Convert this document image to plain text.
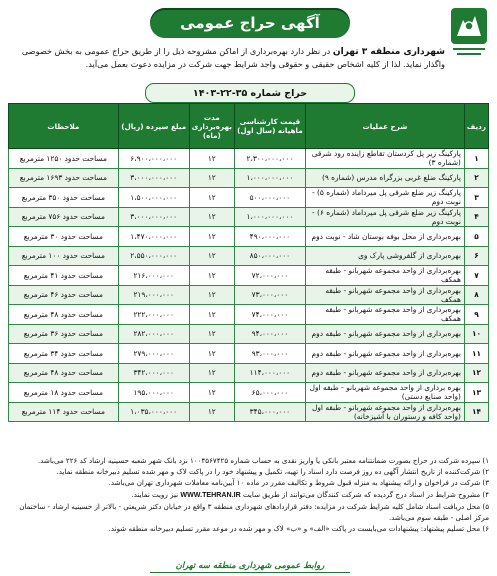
آگهی حراج عمومی
شهرداری منطقه ۳ تهران در نظر دارد بهره‌برداری از اماکن مشروحه ذیل را از طریق حراج عمومی به بخش خصوصی واگذار نماید. لذا از کلیه اشخاص حقیقی و حقوقی واجد شرایط جهت شرکت در مزایده دعوت بعمل می‌آید.
حراج شماره ۳۵-۲۲-۱۴۰۳
ردیف	شرح عملیات	قیمت کارشناسی ماهیانه (سال اول)	مدت بهره‌برداری (ماه)	مبلغ سپرده (ریال)	ملاحظات
۱	پارکینگ زیر پل کردستان تقاطع زاینده رود شرقی (شماره ۳)	۲،۳۰۰،۰۰۰،۰۰۰	۱۲	۶،۹۰۰،۰۰۰،۰۰۰	مساحت حدود ۱۲۵۰ مترمربع
۲	پارکینگ ضلع غربی بزرگراه مدرس (شماره ۹)	۱،۰۰۰،۰۰۰،۰۰۰	۱۲	۳،۰۰۰،۰۰۰،۰۰۰	مساحت حدود ۱۶۹۳ مترمربع
۳	پارکینگ زیر ضلع شرقی پل میرداماد (شماره ۵) - نوبت دوم	۵۰۰،۰۰۰،۰۰۰	۱۲	۱،۵۰۰،۰۰۰،۰۰۰	مساحت حدود ۳۵۰ مترمربع
۴	پارکینگ زیر ضلع شرقی پل میرداماد (شماره ۶) - نوبت دوم	۱،۰۰۰،۰۰۰،۰۰۰	۱۲	۳،۰۰۰،۰۰۰،۰۰۰	مساحت حدود ۷۵۶ مترمربع
۵	بهره‌برداری از محل بوفه بوستان شاد - نوبت دوم	۴۹۰،۰۰۰،۰۰۰	۱۲	۱،۴۷۰،۰۰۰،۰۰۰	مساحت حدود ۳۰ مترمربع
۶	بهره‌برداری از گلفروشی پارک وی	۸۵۰،۰۰۰،۰۰۰	۱۲	۲،۵۵۰،۰۰۰،۰۰۰	مساحت حدود ۱۰۰ مترمربع
۷	بهره‌برداری از واحد مجموعه شهربانو - طبقه همکف	۷۲،۰۰۰،۰۰۰	۱۲	۲۱۶،۰۰۰،۰۰۰	مساحت حدود ۴۱ مترمربع
۸	بهره‌برداری از واحد مجموعه شهربانو - طبقه همکف	۷۳،۰۰۰،۰۰۰	۱۲	۲۱۹،۰۰۰،۰۰۰	مساحت حدود ۴۶ مترمربع
۹	بهره‌برداری از واحد مجموعه شهربانو - طبقه همکف	۷۴،۰۰۰،۰۰۰	۱۲	۲۲۲،۰۰۰،۰۰۰	مساحت حدود ۴۸ مترمربع
۱۰	بهره‌برداری از واحد مجموعه شهربانو - طبقه دوم	۹۴،۰۰۰،۰۰۰	۱۲	۲۸۲،۰۰۰،۰۰۰	مساحت حدود ۳۶ مترمربع
۱۱	بهره‌برداری از واحد مجموعه شهربانو - طبقه دوم	۹۳،۰۰۰،۰۰۰	۱۲	۲۷۹،۰۰۰،۰۰۰	مساحت حدود ۳۴ مترمربع
۱۲	بهره‌برداری از واحد مجموعه شهربانو - طبقه دوم	۱۱۴،۰۰۰،۰۰۰	۱۲	۳۴۲،۰۰۰،۰۰۰	مساحت حدود ۴۸ مترمربع
۱۳	بهره برداری از واحد مجموعه شهربانو - طبقه اول (واحد صنایع دستی)	۶۵،۰۰۰،۰۰۰	۱۲	۱۹۵،۰۰۰،۰۰۰	مساحت حدود ۱۸ مترمربع
۱۴	بهره‌برداری از واحد مجموعه شهربانو - طبقه اول (واحد کافه و رستوران با آشپزخانه)	۳۴۵،۰۰۰،۰۰۰	۱۲	۱،۰۳۵،۰۰۰،۰۰۰	مساحت حدود ۱۱۴ مترمربع

۱) سپرده شرکت در حراج بصورت ضمانتنامه معتبر بانکی یا واریز نقدی به حساب شماره ۱۰۰۴۵۶۷۴۲۵ نزد بانک شهر شعبه حسینیه ارشاد کد ۲۲۶ می‌باشد.

۲) شرکت‌کننده از تاریخ انتشار آگهی ده روز فرصت دارد اسناد را تهیه، تکمیل و پیشنهاد خود را در پاکت لاک و مهر شده تسلیم دبیرخانه منطقه نماید.

۳) شرکت در فراخوان و ارائه پیشنهاد به منزله قبول شروط و تکالیف مقرر در ماده ۱۰ آیین‌نامه معاملات شهرداری تهران می‌باشد.

۴) مشروح شرایط در اسناد درج گردیده که شرکت کنندگان می‌توانند از طریق سایت WWW.TEHRAN.IR نیز رویت نمایند.

۵) محل دریافت اسناد شامل کلیه شرایط شرکت در مزایده: دفتر قراردادهای شهرداری منطقه ۳ واقع در خیابان دکتر شریعتی - بالاتر از حسینیه ارشاد - ساختمان مرکز اصلی - طبقه سوم می‌باشد.

۶) محل تسلیم پیشنهاد: پیشنهادات می‌بایست در پاکت «الف» و «ب» لاک و مهر شده در موعد مقرر تسلیم دبیرخانه منطقه شوند.

روابط عمومی شهرداری منطقه سه تهران
